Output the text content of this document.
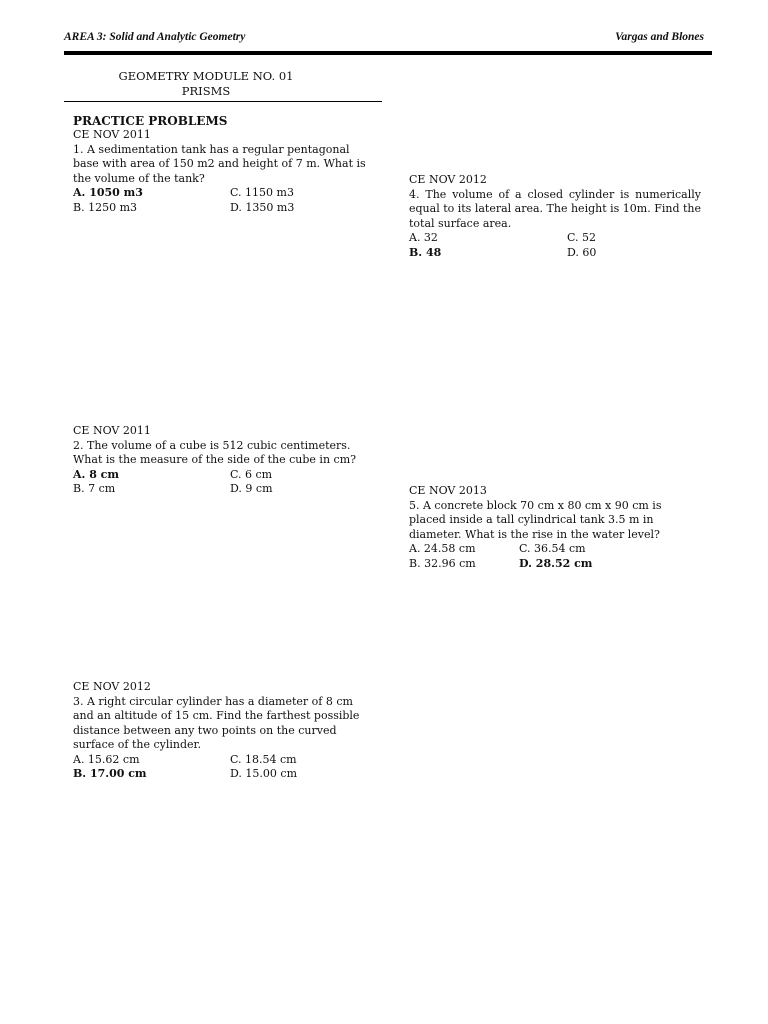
AREA 3: Solid and Analytic Geometry	Vargas and Blones
GEOMETRY MODULE NO. 01
PRISMS
PRACTICE PROBLEMS
CE NOV 2011
1. A sedimentation tank has a regular pentagonal base with area of 150 m2 and height of 7 m. What is the volume of the tank?
A. 1050 m3	C. 1150 m3
B. 1250 m3	D. 1350 m3
CE NOV 2011
2. The volume of a cube is 512 cubic centimeters. What is the measure of the side of the cube in cm?
A. 8 cm	C. 6 cm
B. 7 cm	D. 9 cm
CE NOV 2012
3. A right circular cylinder has a diameter of 8 cm and an altitude of 15 cm. Find the farthest possible distance between any two points on the curved surface of the cylinder.
A. 15.62 cm	C. 18.54 cm
B. 17.00 cm	D. 15.00 cm
CE NOV 2012
4. The volume of a closed cylinder is numerically equal to its lateral area. The height is 10m. Find the total surface area.
A. 32	C. 52
B. 48	D. 60
CE NOV 2013
5. A concrete block 70 cm x 80 cm x 90 cm is placed inside a tall cylindrical tank 3.5 m in diameter. What is the rise in the water level?
A. 24.58 cm	C. 36.54 cm
B. 32.96 cm	D. 28.52 cm
